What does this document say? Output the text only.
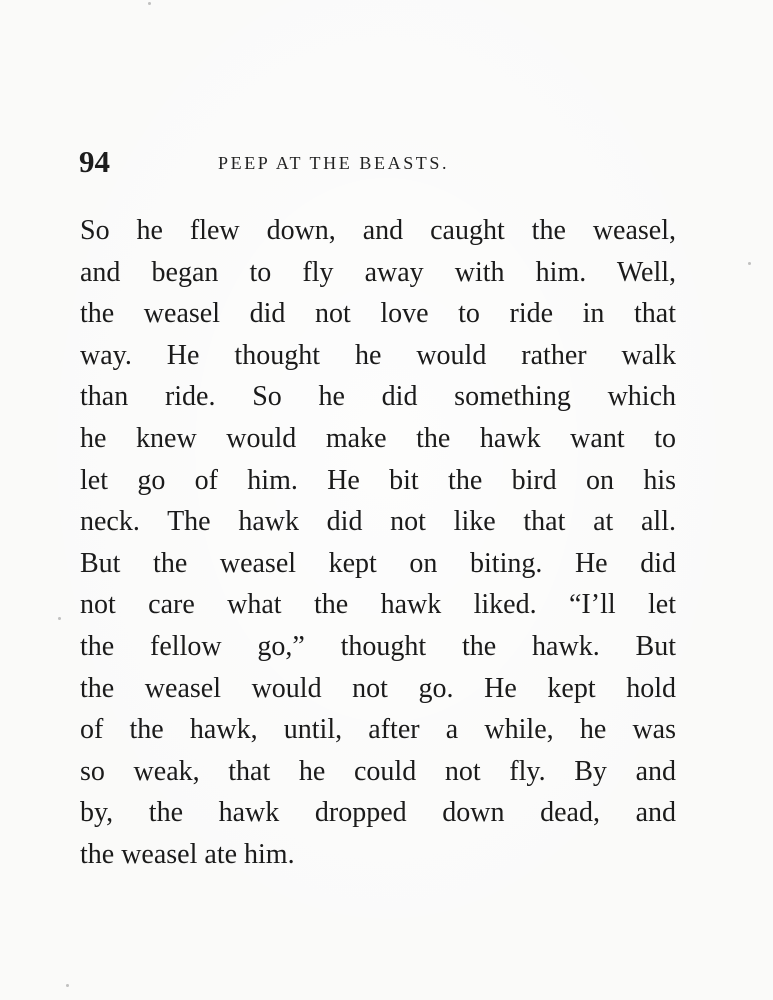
94	PEEP AT THE BEASTS.
So he flew down, and caught the weasel,
and began to fly away with him. Well,
the weasel did not love to ride in that
way. He thought he would rather walk
than ride. So he did something which
he knew would make the hawk want to
let go of him. He bit the bird on his
neck. The hawk did not like that at all.
But the weasel kept on biting. He did
not care what the hawk liked. “I’ll let
the fellow go,” thought the hawk. But
the weasel would not go. He kept hold
of the hawk, until, after a while, he was
so weak, that he could not fly. By and
by, the hawk dropped down dead, and
the weasel ate him.
